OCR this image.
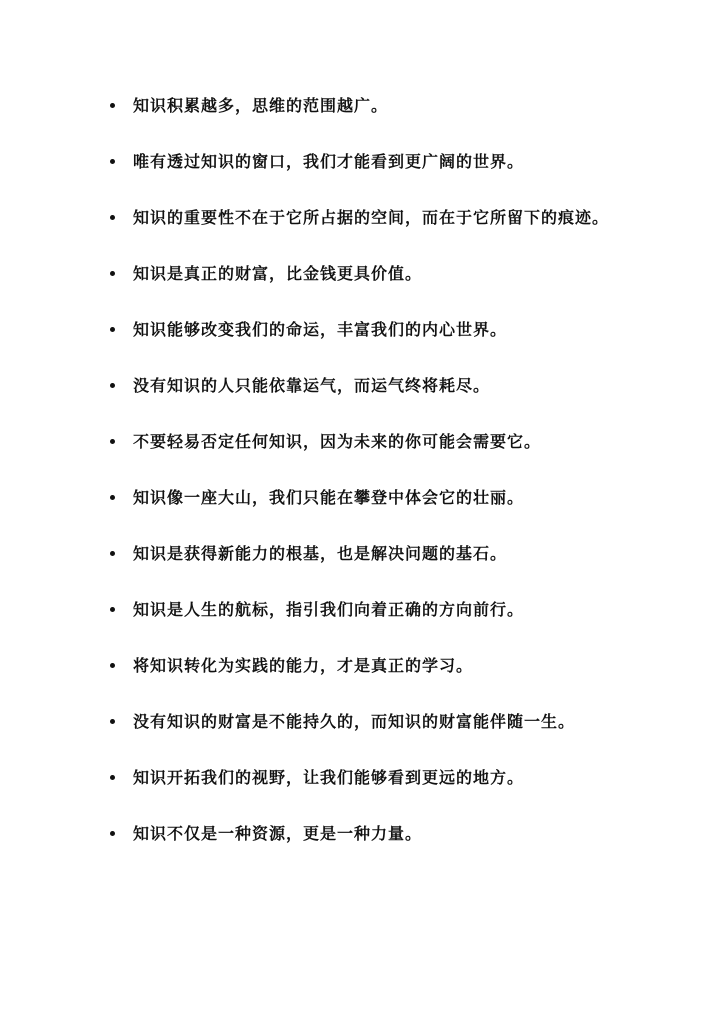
知识积累越多，思维的范围越广。
唯有透过知识的窗口，我们才能看到更广阔的世界。
知识的重要性不在于它所占据的空间，而在于它所留下的痕迹。
知识是真正的财富，比金钱更具价值。
知识能够改变我们的命运，丰富我们的内心世界。
没有知识的人只能依靠运气，而运气终将耗尽。
不要轻易否定任何知识，因为未来的你可能会需要它。
知识像一座大山，我们只能在攀登中体会它的壮丽。
知识是获得新能力的根基，也是解决问题的基石。
知识是人生的航标，指引我们向着正确的方向前行。
将知识转化为实践的能力，才是真正的学习。
没有知识的财富是不能持久的，而知识的财富能伴随一生。
知识开拓我们的视野，让我们能够看到更远的地方。
知识不仅是一种资源，更是一种力量。
